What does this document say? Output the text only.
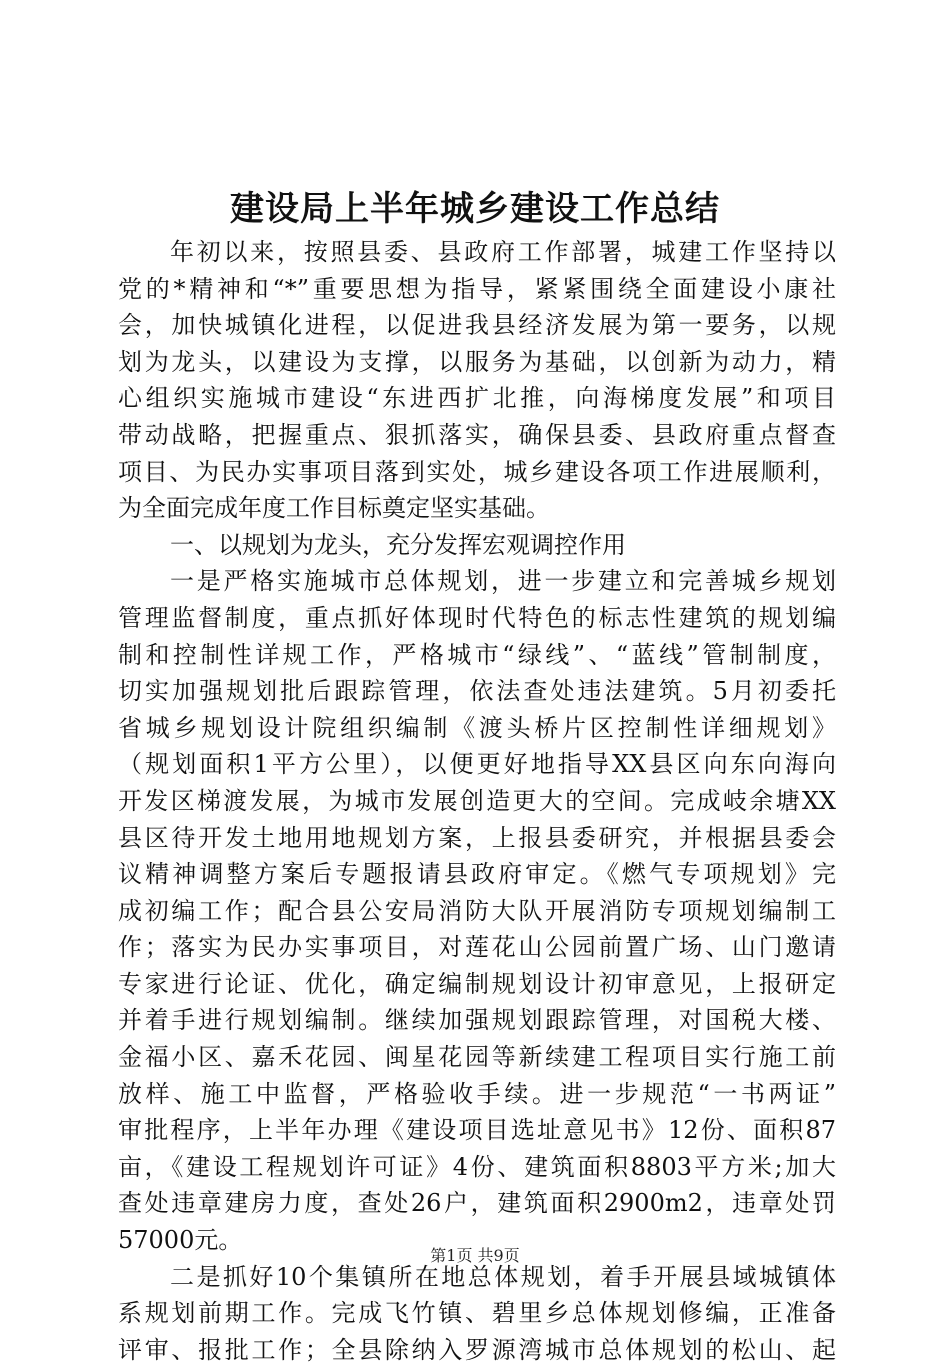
建设局上半年城乡建设工作总结
年初以来，按照县委、县政府工作部署，城建工作坚持以
党的*精神和“*”重要思想为指导，紧紧围绕全面建设小康社
会，加快城镇化进程，以促进我县经济发展为第一要务，以规
划为龙头，以建设为支撑，以服务为基础，以创新为动力，精
心组织实施城市建设“东进西扩北推，向海梯度发展”和项目
带动战略，把握重点、狠抓落实，确保县委、县政府重点督查
项目、为民办实事项目落到实处，城乡建设各项工作进展顺利，
为全面完成年度工作目标奠定坚实基础。
一、以规划为龙头，充分发挥宏观调控作用
一是严格实施城市总体规划，进一步建立和完善城乡规划
管理监督制度，重点抓好体现时代特色的标志性建筑的规划编
制和控制性详规工作，严格城市“绿线”、“蓝线”管制制度，
切实加强规划批后跟踪管理，依法查处违法建筑。5月初委托
省城乡规划设计院组织编制《渡头桥片区控制性详细规划》
（规划面积1平方公里），以便更好地指导XX县区向东向海向
开发区梯渡发展，为城市发展创造更大的空间。完成岐余塘XX
县区待开发土地用地规划方案，上报县委研究，并根据县委会
议精神调整方案后专题报请县政府审定。《燃气专项规划》完
成初编工作；配合县公安局消防大队开展消防专项规划编制工
作；落实为民办实事项目，对莲花山公园前置广场、山门邀请
专家进行论证、优化，确定编制规划设计初审意见，上报研定
并着手进行规划编制。继续加强规划跟踪管理，对国税大楼、
金福小区、嘉禾花园、闽星花园等新续建工程项目实行施工前
放样、施工中监督，严格验收手续。进一步规范“一书两证”
审批程序，上半年办理《建设项目选址意见书》12份、面积87
亩，《建设工程规划许可证》4份、建筑面积8803平方米;加大
查处违章建房力度，查处26户，建筑面积2900m2，违章处罚
57000元。
二是抓好10个集镇所在地总体规划，着手开展县域城镇体
系规划前期工作。完成飞竹镇、碧里乡总体规划修编，正准备
评审、报批工作；全县除纳入罗源湾城市总体规划的松山、起
第1页 共9页
